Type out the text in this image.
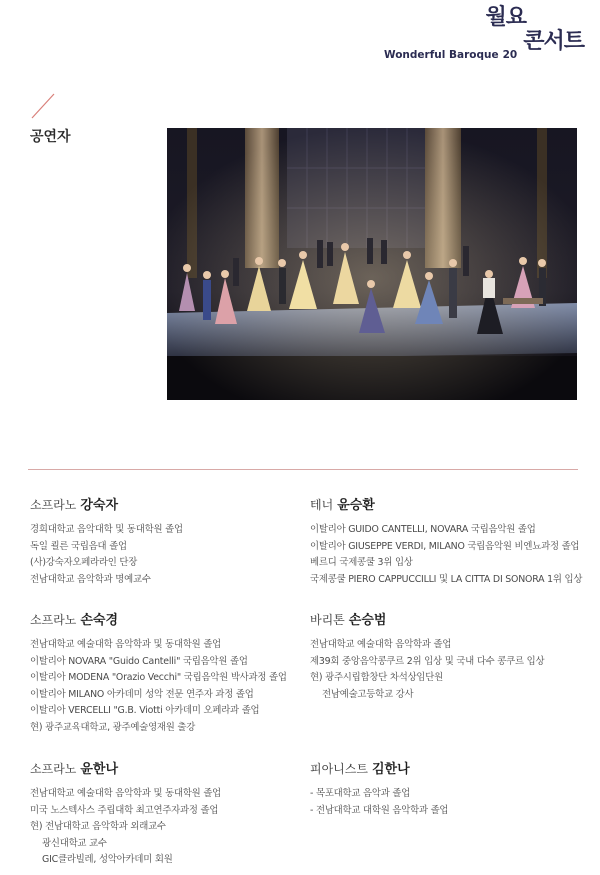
월요
콘서트
Wonderful Baroque 20
공연자
소프라노 강숙자
경희대학교 음악대학 및 동대학원 졸업
독일 쾰른 국립음대 졸업
(사)강숙자오페라라인 단장
전남대학교 음악학과 명예교수
소프라노 손숙경
전남대학교 예술대학 음악학과 및 동대학원 졸업
이탈리아 NOVARA "Guido Cantelli" 국립음악원 졸업
이탈리아 MODENA "Orazio Vecchi" 국립음악원 박사과정 졸업
이탈리아 MILANO 아카데미 성악 전문 연주자 과정 졸업
이탈리아 VERCELLI "G.B. Viotti 아카데미 오페라과 졸업
현) 광주교육대학교, 광주예술영재원 출강
소프라노 윤한나
전남대학교 예술대학 음악학과 및 동대학원 졸업
미국 노스텍사스 주립대학 최고연주자과정 졸업
현) 전남대학교 음악학과 외래교수
광신대학교 교수
GIC클라빌레, 성악아카데미 회원
테너 윤승환
이탈리아 GUIDO CANTELLI, NOVARA 국립음악원 졸업
이탈리아 GIUSEPPE VERDI, MILANO 국립음악원 비엔뇨과정 졸업
베르디 국제콩쿨 3위 입상
국제콩쿨 PIERO CAPPUCCILLI 및 LA CITTA DI SONORA 1위 입상
바리톤 손승범
전남대학교 예술대학 음악학과 졸업
제39회 중앙음악콩쿠르 2위 입상 및 국내 다수 콩쿠르 입상
현) 광주시립합창단 차석상임단원
전남예술고등학교 강사
피아니스트 김한나
- 목포대학교 음악과 졸업
- 전남대학교 대학원 음악학과 졸업
